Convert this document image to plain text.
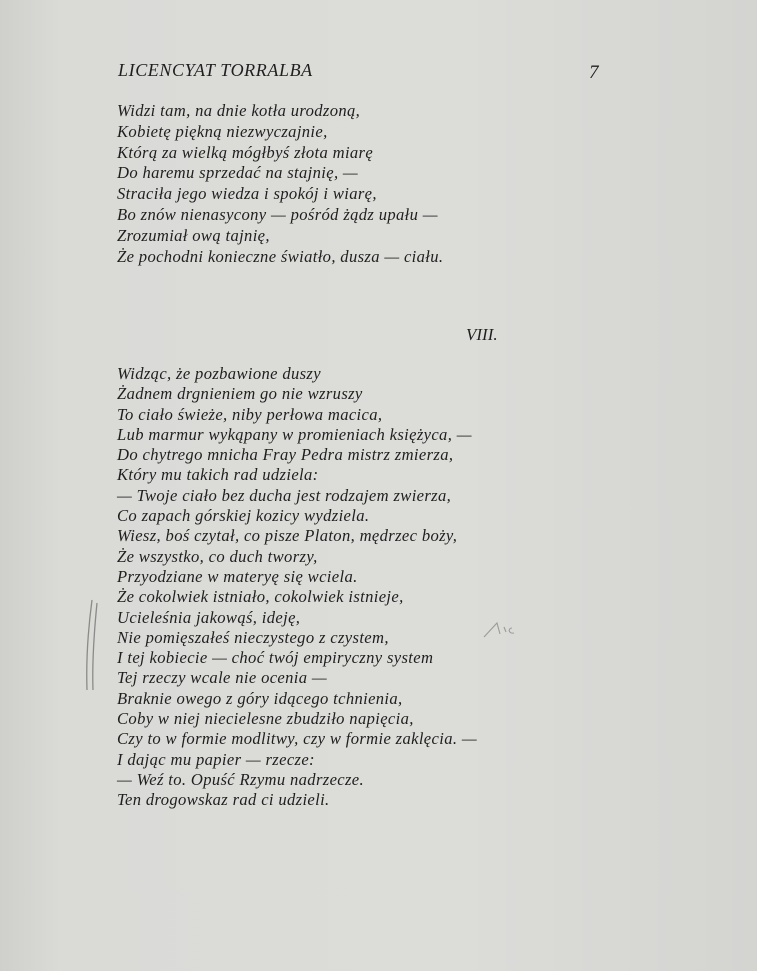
LICENCYAT TORRALBA	7
Widzi tam, na dnie kotła urodzoną,
Kobietę piękną niezwyczajnie,
Którą za wielką mógłbyś złota miarę
Do haremu sprzedać na stajnię, —
Straciła jego wiedza i spokój i wiarę,
Bo znów nienasycony — pośród żądz upału —
Zrozumiał ową tajnię,
Że pochodni konieczne światło, dusza — ciału.
VIII.
Widząc, że pozbawione duszy
Żadnem drgnieniem go nie wzruszy
To ciało świeże, niby perłowa macica,
Lub marmur wykąpany w promieniach księżyca, —
Do chytrego mnicha Fray Pedra mistrz zmierza,
Który mu takich rad udziela:
— Twoje ciało bez ducha jest rodzajem zwierza,
Co zapach górskiej kozicy wydziela.
Wiesz, boś czytał, co pisze Platon, mędrzec boży,
Że wszystko, co duch tworzy,
Przyodziane w materyę się wciela.
Że cokolwiek istniało, cokolwiek istnieje,
Ucieleśnia jakowąś, ideję,
Nie pomięszałeś nieczystego z czystem,
I tej kobiecie — choć twój empiryczny system
Tej rzeczy wcale nie ocenia —
Braknie owego z góry idącego tchnienia,
Coby w niej niecielesne zbudziło napięcia,
Czy to w formie modlitwy, czy w formie zaklęcia. —
I dając mu papier — rzecze:
— Weź to. Opuść Rzymu nadrzecze.
Ten drogowskaz rad ci udzieli.
